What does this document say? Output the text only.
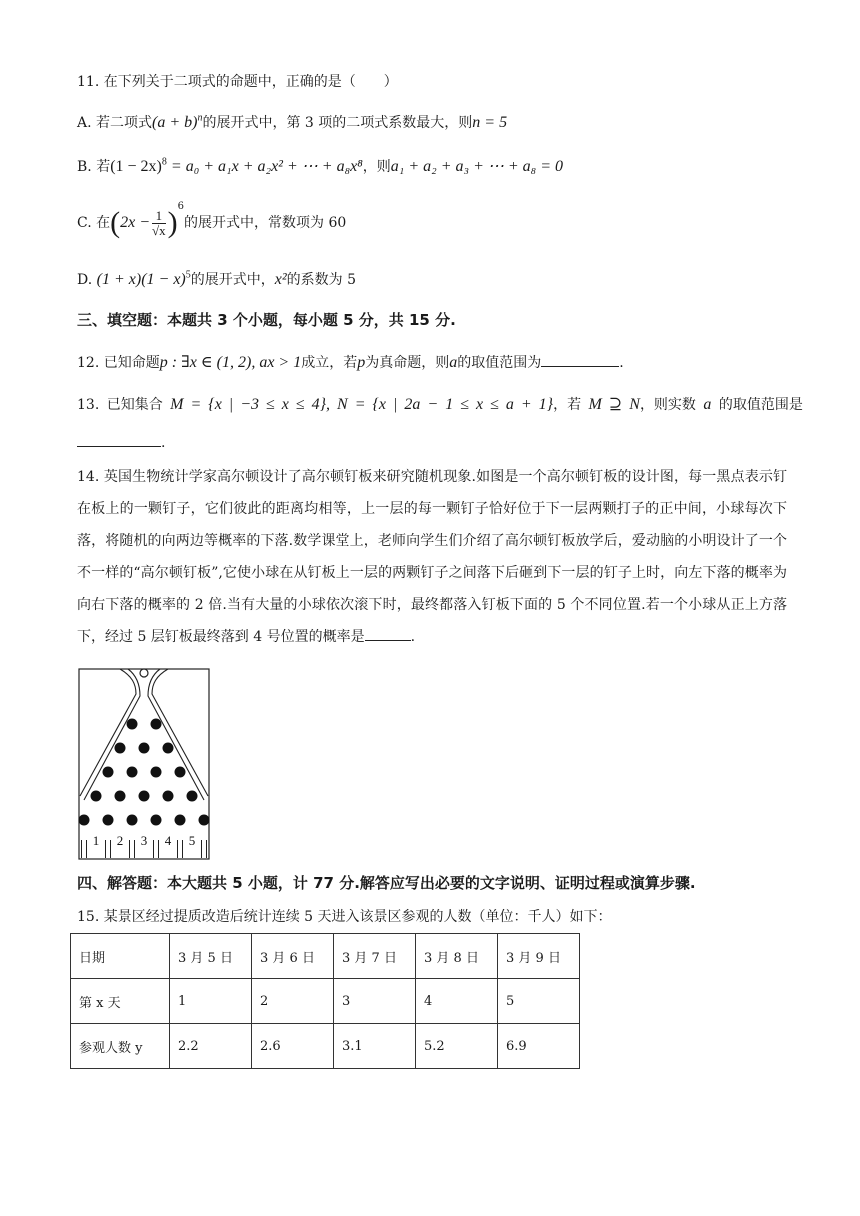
11. 在下列关于二项式的命题中，正确的是（　　）
A. 若二项式$(a + b)^n$的展开式中，第 3 项的二项式系数最大，则n = 5
B. 若$(1 - 2x)^8 = a_0 + a_1x + a_2x^2$ + ⋯ + a₈x⁸，则a₁ + a₂ + a₃ + ⋯ + a₈ = 0
C. 在$(2x - \frac{1}{√x} )^6$的展开式中，常数项为 60
D. $(1 + x)(1 - x)^5$的展开式中，x²的系数为 5
三、填空题：本题共 3 个小题，每小题 5 分，共 15 分.
12. 已知命题p : ∃x ∈ (1, 2), ax > 1成立，若p为真命题，则a的取值范围为	.
13. 已知集合 M = {x | −3 ≤ x ≤ 4}, N = {x | 2a − 1 ≤ x ≤ a + 1}，若 M ⊇ N，则实数 a 的取值范围是
.
14. 英国生物统计学家高尔顿设计了高尔顿钉板来研究随机现象.如图是一个高尔顿钉板的设计图，每一黑点表示钉在板上的一颗钉子，它们彼此的距离均相等，上一层的每一颗钉子恰好位于下一层两颗打子的正中间，小球每次下落，将随机的向两边等概率的下落.数学课堂上，老师向学生们介绍了高尔顿钉板放学后，爱动脑的小明设计了一个不一样的“高尔顿钉板”,它使小球在从钉板上一层的两颗钉子之间落下后砸到下一层的钉子上时，向左下落的概率为向右下落的概率的 2 倍.当有大量的小球依次滚下时，最终都落入钉板下面的 5 个不同位置.若一个小球从正上方落下，经过 5 层钉板最终落到 4 号位置的概率是	.
1 2 3 4 5
四、解答题：本大题共 5 小题，计 77 分.解答应写出必要的文字说明、证明过程或演算步骤.
15. 某景区经过提质改造后统计连续 5 天进入该景区参观的人数（单位：千人）如下：
日期	3 月 5 日	3 月 6 日	3 月 7 日	3 月 8 日	3 月 9 日
第 x 天	1	2	3	4	5
参观人数 y	2.2	2.6	3.1	5.2	6.9
